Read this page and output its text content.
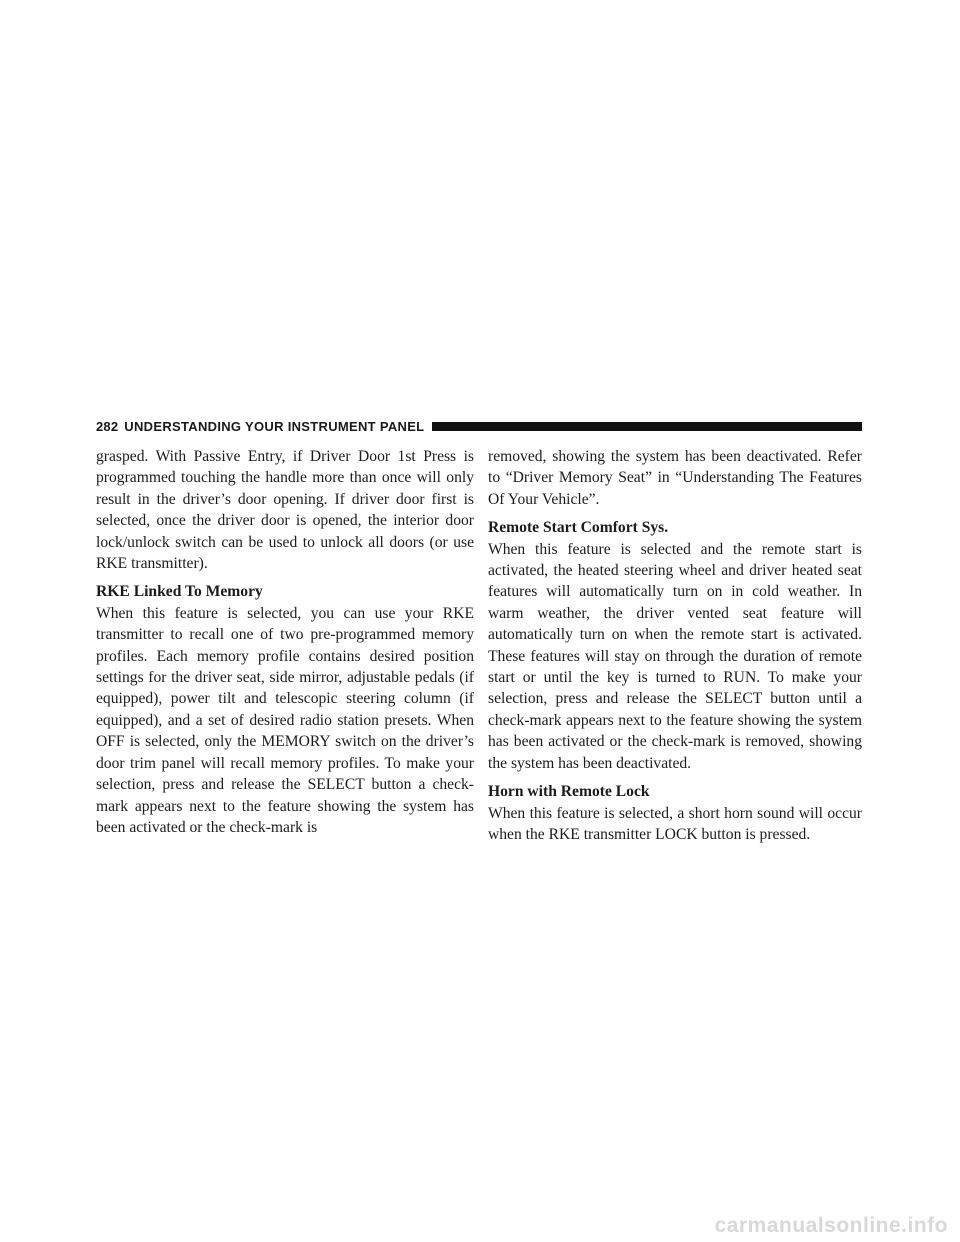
282 UNDERSTANDING YOUR INSTRUMENT PANEL

grasped. With Passive Entry, if Driver Door 1st Press is programmed touching the handle more than once will only result in the driver’s door opening. If driver door first is selected, once the driver door is opened, the interior door lock/unlock switch can be used to unlock all doors (or use RKE transmitter).

RKE Linked To Memory

When this feature is selected, you can use your RKE transmitter to recall one of two pre-programmed memory profiles. Each memory profile contains desired position settings for the driver seat, side mirror, adjustable pedals (if equipped), power tilt and telescopic steering column (if equipped), and a set of desired radio station presets. When OFF is selected, only the MEMORY switch on the driver’s door trim panel will recall memory profiles. To make your selection, press and release the SELECT button a check-mark appears next to the feature showing the system has been activated or the check-mark is

removed, showing the system has been deactivated. Refer to “Driver Memory Seat” in “Understanding The Features Of Your Vehicle”.

Remote Start Comfort Sys.

When this feature is selected and the remote start is activated, the heated steering wheel and driver heated seat features will automatically turn on in cold weather. In warm weather, the driver vented seat feature will automatically turn on when the remote start is activated. These features will stay on through the duration of remote start or until the key is turned to RUN. To make your selection, press and release the SELECT button until a check-mark appears next to the feature showing the system has been activated or the check-mark is removed, showing the system has been deactivated.

Horn with Remote Lock

When this feature is selected, a short horn sound will occur when the RKE transmitter LOCK button is pressed.

carmanualsonline.info
